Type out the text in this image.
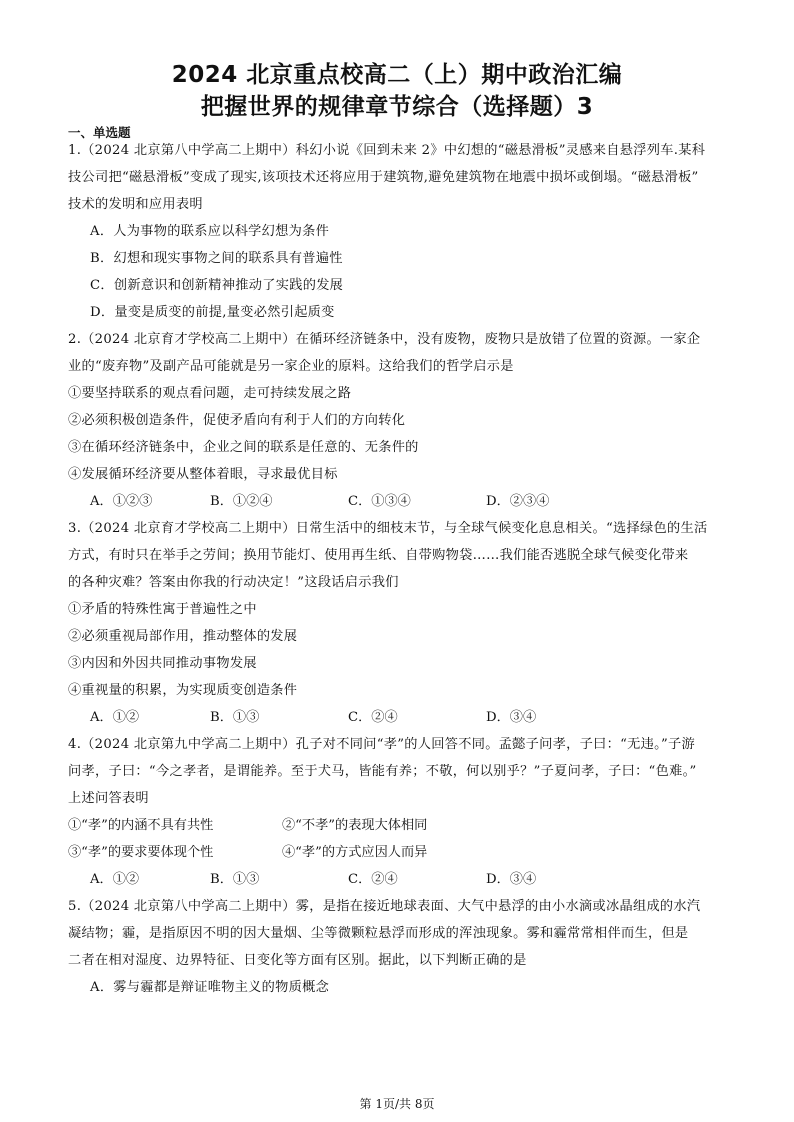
2024 北京重点校高二（上）期中政治汇编
把握世界的规律章节综合（选择题）3
一、单选题
1.（2024 北京第八中学高二上期中）科幻小说《回到未来 2》中幻想的“磁悬滑板”灵感来自悬浮列车.某科
技公司把“磁悬滑板”变成了现实,该项技术还将应用于建筑物,避免建筑物在地震中损坏或倒塌。“磁悬滑板”
技术的发明和应用表明
A．人为事物的联系应以科学幻想为条件
B．幻想和现实事物之间的联系具有普遍性
C．创新意识和创新精神推动了实践的发展
D．量变是质变的前提,量变必然引起质变
2.（2024 北京育才学校高二上期中）在循环经济链条中，没有废物，废物只是放错了位置的资源。一家企
业的“废弃物”及副产品可能就是另一家企业的原料。这给我们的哲学启示是
①要坚持联系的观点看问题，走可持续发展之路
②必须积极创造条件，促使矛盾向有利于人们的方向转化
③在循环经济链条中，企业之间的联系是任意的、无条件的
④发展循环经济要从整体着眼，寻求最优目标
A．①②③	B．①②④	C．①③④	D．②③④
3.（2024 北京育才学校高二上期中）日常生活中的细枝末节，与全球气候变化息息相关。“选择绿色的生活
方式，有时只在举手之劳间；换用节能灯、使用再生纸、自带购物袋……我们能否逃脱全球气候变化带来
的各种灾难？答案由你我的行动决定！”这段话启示我们
①矛盾的特殊性寓于普遍性之中
②必须重视局部作用，推动整体的发展
③内因和外因共同推动事物发展
④重视量的积累，为实现质变创造条件
A．①②	B．①③	C．②④	D．③④
4.（2024 北京第九中学高二上期中）孔子对不同问“孝”的人回答不同。孟懿子问孝，子曰：“无违。”子游
问孝，子曰：“今之孝者，是谓能养。至于犬马，皆能有养；不敬，何以别乎？”子夏问孝，子曰：“色难。”
上述问答表明
①“孝”的内涵不具有共性	②“不孝”的表现大体相同
③“孝”的要求要体现个性	④“孝”的方式应因人而异
A．①②	B．①③	C．②④	D．③④
5.（2024 北京第八中学高二上期中）雾，是指在接近地球表面、大气中悬浮的由小水滴或冰晶组成的水汽
凝结物；霾，是指原因不明的因大量烟、尘等微颗粒悬浮而形成的浑浊现象。雾和霾常常相伴而生，但是
二者在相对湿度、边界特征、日变化等方面有区别。据此，以下判断正确的是
A．雾与霾都是辩证唯物主义的物质概念
第 1页/共 8页
